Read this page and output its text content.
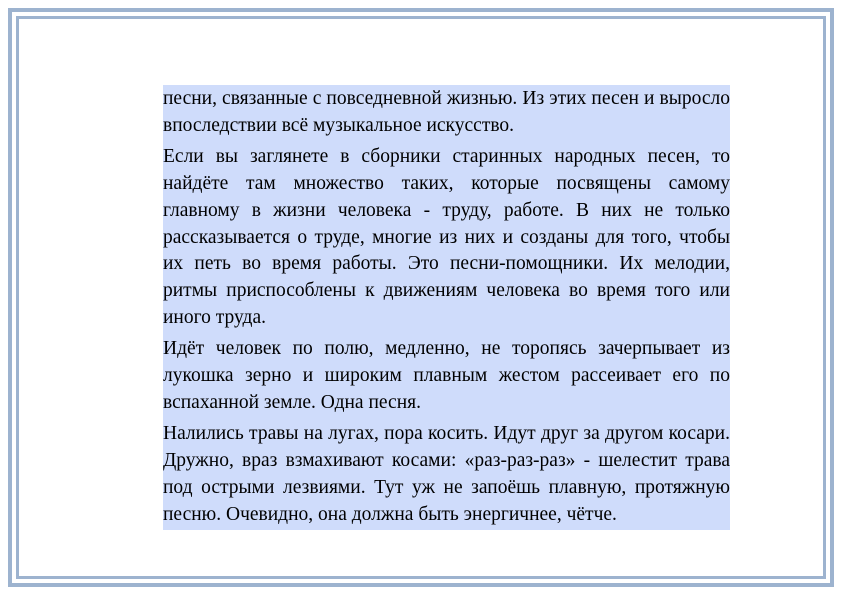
песни, связанные с повседневной жизнью. Из этих песен и выросло впоследствии всё музыкальное искусство.

Если вы заглянете в сборники старинных народных песен, то найдёте там множество таких, которые посвящены самому главному в жизни человека - труду, работе. В них не только рассказывается о труде, многие из них и созданы для того, чтобы их петь во время работы. Это песни-помощники. Их мелодии, ритмы приспособлены к движениям человека во время того или иного труда.

Идёт человек по полю, медленно, не торопясь зачерпывает из лукошка зерно и широким плавным жестом рассеивает его по вспаханной земле. Одна песня.

Налились травы на лугах, пора косить. Идут друг за другом косари. Дружно, враз взмахивают косами: «раз-раз-раз» - шелестит трава под острыми лезвиями. Тут уж не запоёшь плавную, протяжную песню. Очевидно, она должна быть энергичнее, чётче.
